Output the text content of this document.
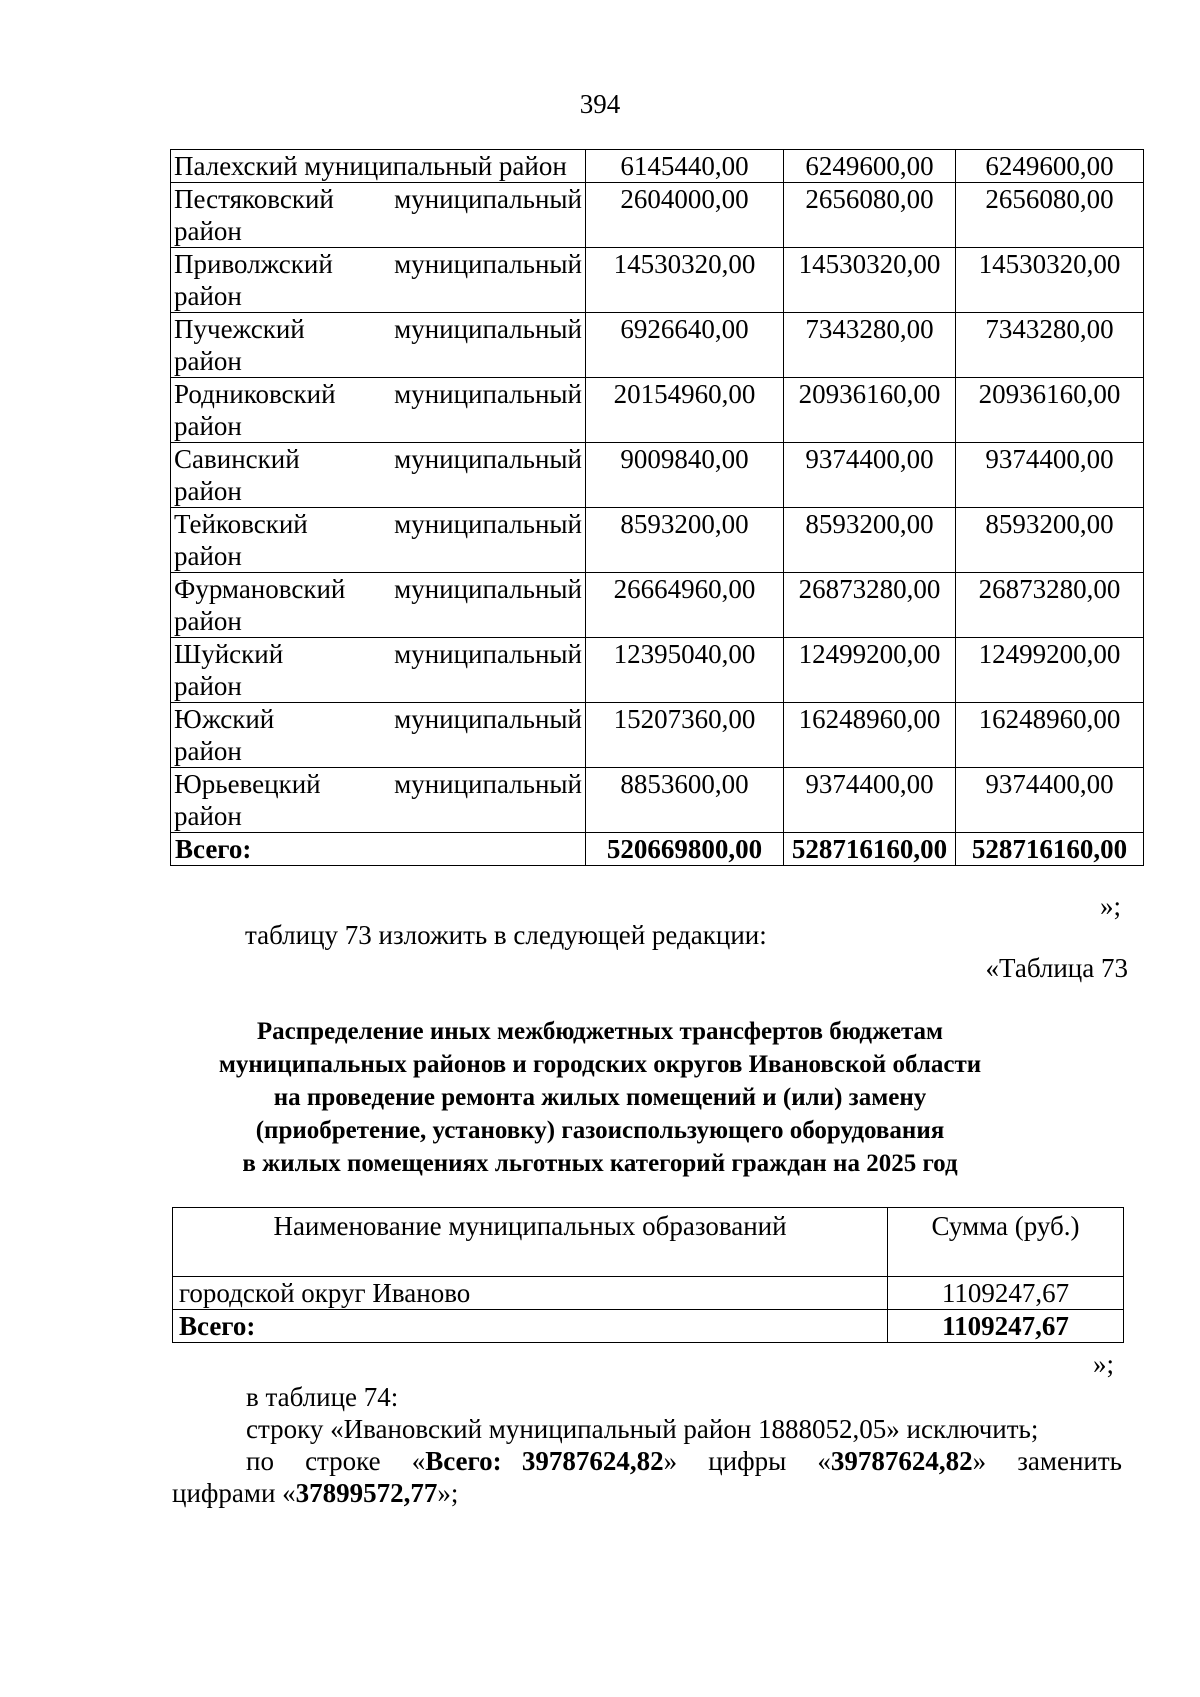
394
Палехский муниципальный район	6145440,00	6249600,00	6249600,00

Пестяковский муниципальный
район	2604000,00	2656080,00	2656080,00

Приволжский муниципальный
район	14530320,00	14530320,00	14530320,00

Пучежский муниципальный
район	6926640,00	7343280,00	7343280,00

Родниковский муниципальный
район	20154960,00	20936160,00	20936160,00

Савинский муниципальный
район	9009840,00	9374400,00	9374400,00

Тейковский муниципальный
район	8593200,00	8593200,00	8593200,00

Фурмановский муниципальный
район	26664960,00	26873280,00	26873280,00

Шуйский муниципальный
район	12395040,00	12499200,00	12499200,00

Южский муниципальный
район	15207360,00	16248960,00	16248960,00

Юрьевецкий муниципальный
район	8853600,00	9374400,00	9374400,00
Всего:	520669800,00	528716160,00	528716160,00
»;
таблицу 73 изложить в следующей редакции:
«Таблица 73
Распределение иных межбюджетных трансфертов бюджетам
муниципальных районов и городских округов Ивановской области
на проведение ремонта жилых помещений и (или) замену
(приобретение, установку) газоиспользующего оборудования
в жилых помещениях льготных категорий граждан на 2025 год
Наименование муниципальных образований	Сумма (руб.)
городской округ Иваново	1109247,67
Всего:	1109247,67
»;
в таблице 74:
строку «Ивановский муниципальный район 1888052,05» исключить;
по строке «Всего: 39787624,82» цифры «39787624,82» заменить
цифрами «37899572,77»;
